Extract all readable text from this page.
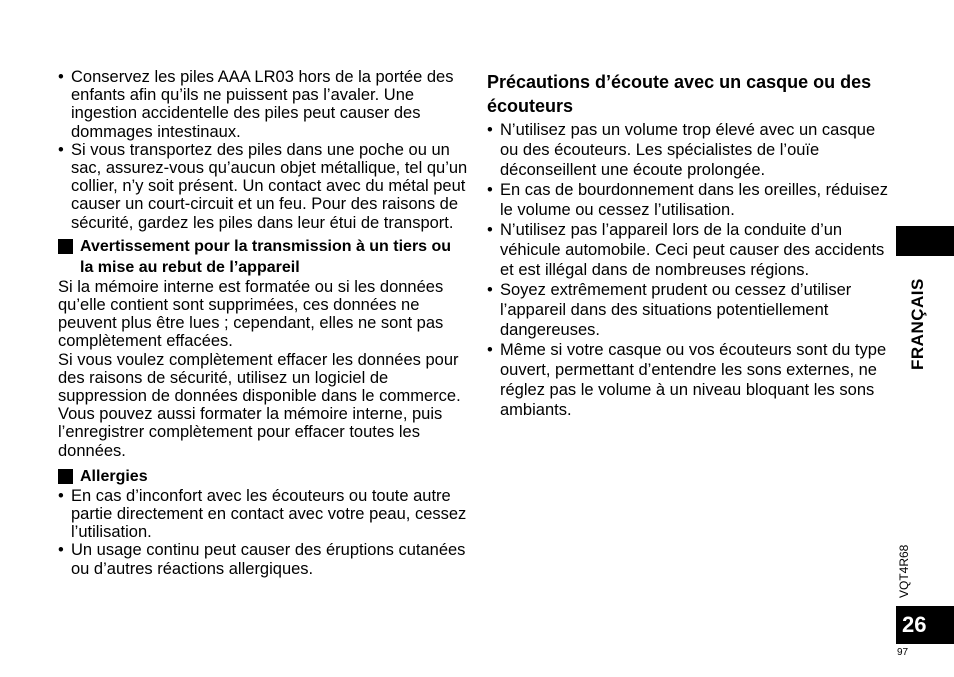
• Conservez les piles AAA LR03 hors de la portée des enfants afin qu’ils ne puissent pas l’avaler. Une ingestion accidentelle des piles peut causer des dommages intestinaux.
• Si vous transportez des piles dans une poche ou un sac, assurez-vous qu’aucun objet métallique, tel qu’un collier, n’y soit présent. Un contact avec du métal peut causer un court-circuit et un feu. Pour des raisons de sécurité, gardez les piles dans leur étui de transport.
Avertissement pour la transmission à un tiers ou la mise au rebut de l’appareil

Si la mémoire interne est formatée ou si les données qu’elle contient sont supprimées, ces données ne peuvent plus être lues ; cependant, elles ne sont pas complètement effacées.

Si vous voulez complètement effacer les données pour des raisons de sécurité, utilisez un logiciel de suppression de données disponible dans le commerce. Vous pouvez aussi formater la mémoire interne, puis l’enregistrer complètement pour effacer toutes les données.

Allergies
• En cas d’inconfort avec les écouteurs ou toute autre partie directement en contact avec votre peau, cessez l’utilisation.
• Un usage continu peut causer des éruptions cutanées ou d’autres réactions allergiques.
Précautions d’écoute avec un casque ou des écouteurs
• N’utilisez pas un volume trop élevé avec un casque ou des écouteurs. Les spécialistes de l’ouïe déconseillent une écoute prolongée.
• En cas de bourdonnement dans les oreilles, réduisez le volume ou cessez l’utilisation.
• N’utilisez pas l’appareil lors de la conduite d’un véhicule automobile. Ceci peut causer des accidents et est illégal dans de nombreuses régions.
• Soyez extrêmement prudent ou cessez d’utiliser l’appareil dans des situations potentiellement dangereuses.
• Même si votre casque ou vos écouteurs sont du type ouvert, permettant d’entendre les sons externes, ne réglez pas le volume à un niveau bloquant les sons ambiants.
FRANÇAIS
VQT4R68
26
97
